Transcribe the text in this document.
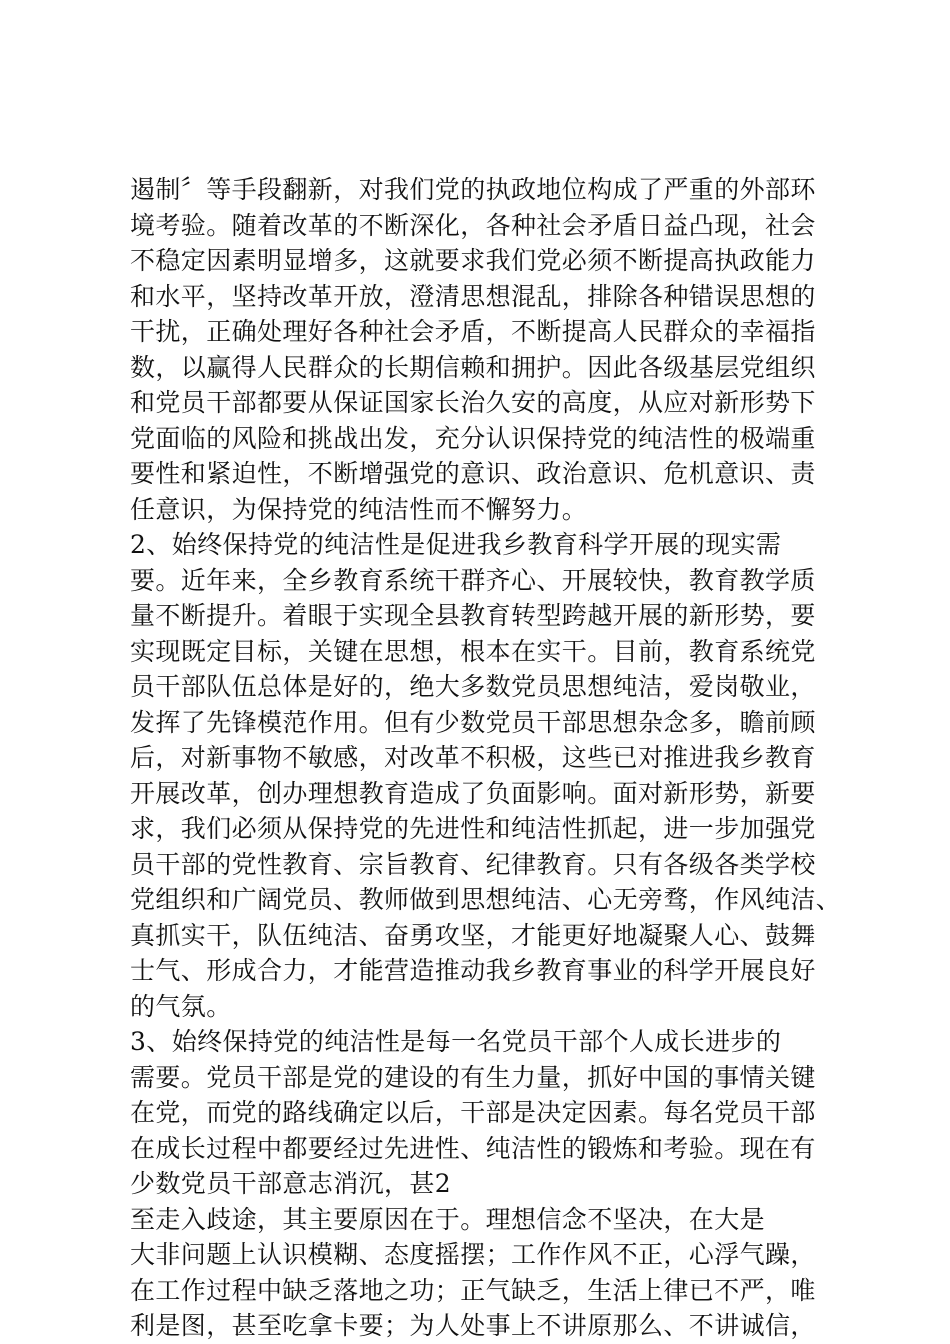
遏制〞等手段翻新，对我们党的执政地位构成了严重的外部环
境考验。随着改革的不断深化，各种社会矛盾日益凸现，社会
不稳定因素明显增多，这就要求我们党必须不断提高执政能力
和水平，坚持改革开放，澄清思想混乱，排除各种错误思想的
干扰，正确处理好各种社会矛盾，不断提高人民群众的幸福指
数，以赢得人民群众的长期信赖和拥护。因此各级基层党组织
和党员干部都要从保证国家长治久安的高度，从应对新形势下
党面临的风险和挑战出发，充分认识保持党的纯洁性的极端重
要性和紧迫性，不断增强党的意识、政治意识、危机意识、责
任意识，为保持党的纯洁性而不懈努力。

2、始终保持党的纯洁性是促进我乡教育科学开展的现实需
要。近年来，全乡教育系统干群齐心、开展较快，教育教学质
量不断提升。着眼于实现全县教育转型跨越开展的新形势，要
实现既定目标，关键在思想，根本在实干。目前，教育系统党
员干部队伍总体是好的，绝大多数党员思想纯洁，爱岗敬业，
发挥了先锋模范作用。但有少数党员干部思想杂念多，瞻前顾
后，对新事物不敏感，对改革不积极，这些已对推进我乡教育
开展改革，创办理想教育造成了负面影响。面对新形势，新要
求，我们必须从保持党的先进性和纯洁性抓起，进一步加强党
员干部的党性教育、宗旨教育、纪律教育。只有各级各类学校
党组织和广阔党员、教师做到思想纯洁、心无旁骛，作风纯洁、
真抓实干，队伍纯洁、奋勇攻坚，才能更好地凝聚人心、鼓舞
士气、形成合力，才能营造推动我乡教育事业的科学开展良好
的气氛。

3、始终保持党的纯洁性是每一名党员干部个人成长进步的
需要。党员干部是党的建设的有生力量，抓好中国的事情关键
在党，而党的路线确定以后，干部是决定因素。每名党员干部
在成长过程中都要经过先进性、纯洁性的锻炼和考验。现在有
少数党员干部意志消沉，甚2

至走入歧途，其主要原因在于。理想信念不坚决，在大是
大非问题上认识模糊、态度摇摆；工作作风不正，心浮气躁，
在工作过程中缺乏落地之功；正气缺乏，生活上律已不严，唯
利是图，甚至吃拿卡要；为人处事上不讲原那么、不讲诚信，
